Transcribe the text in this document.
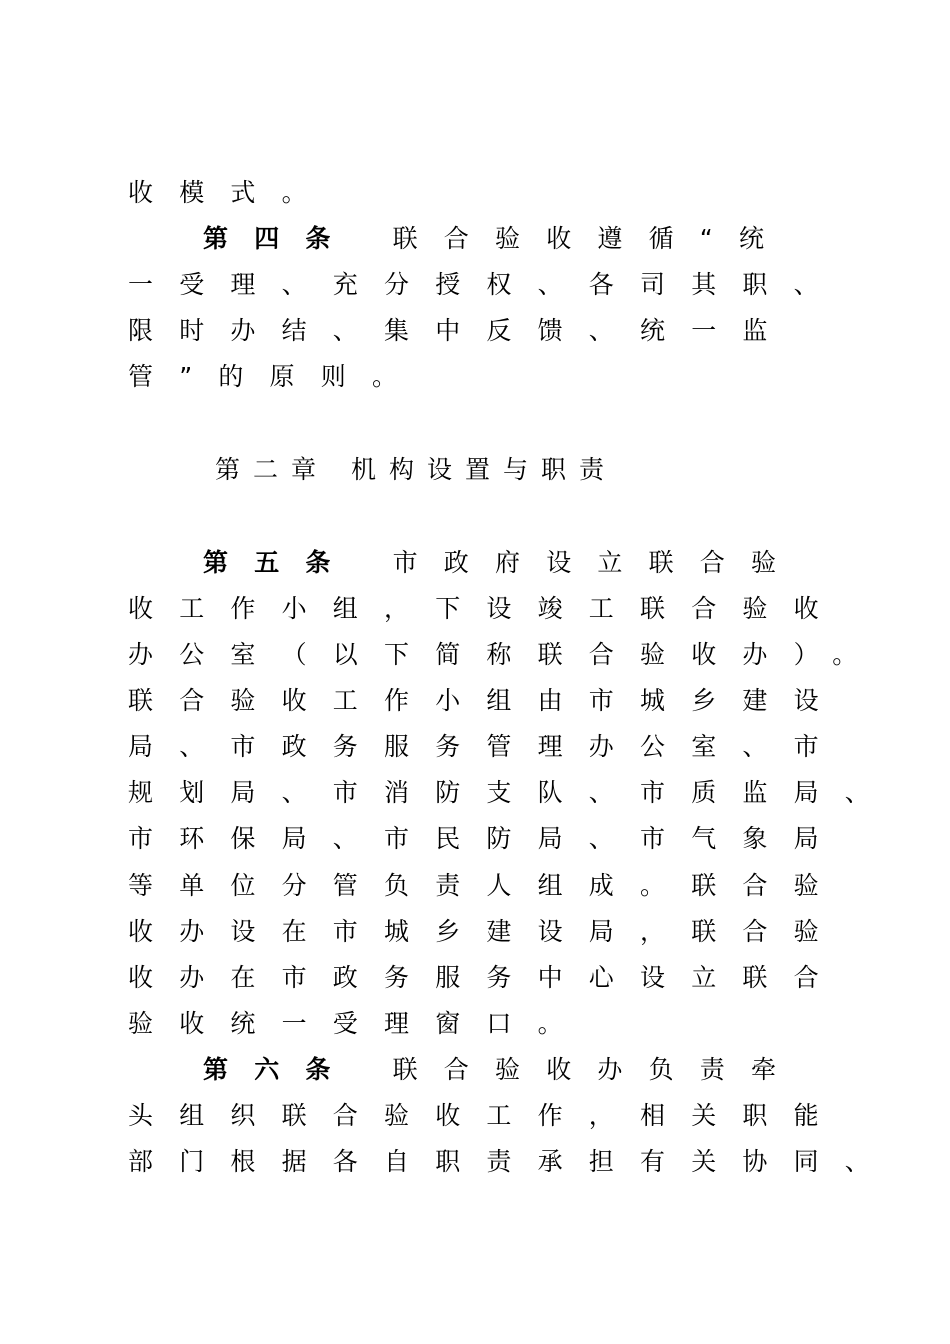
收模式。
第四条 联合验收遵循“统
一受理、充分授权、各司其职、
限时办结、集中反馈、统一监
管”的原则。
第二章 机构设置与职责
第五条 市政府设立联合验
收工作小组，下设竣工联合验收
办公室（以下简称联合验收办）。
联合验收工作小组由市城乡建设
局、市政务服务管理办公室、市
规划局、市消防支队、市质监局、
市环保局、市民防局、市气象局
等单位分管负责人组成。联合验
收办设在市城乡建设局，联合验
收办在市政务服务中心设立联合
验收统一受理窗口。
第六条 联合验收办负责牵
头组织联合验收工作，相关职能
部门根据各自职责承担有关协同、
